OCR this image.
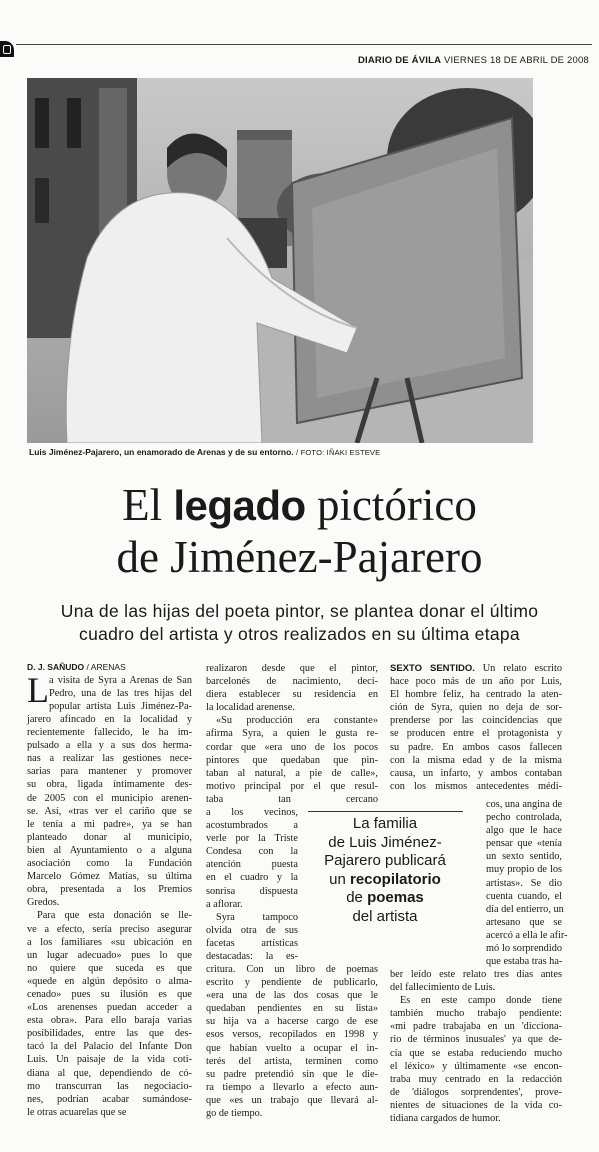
DIARIO DE ÁVILA VIERNES 18 DE ABRIL DE 2008
Luis Jiménez-Pajarero, un enamorado de Arenas y de su entorno. / FOTO: IÑAKI ESTEVE
El legado pictórico
de Jiménez-Pajarero
Una de las hijas del poeta pintor, se plantea donar el último
cuadro del artista y otros realizados en su última etapa
D. J. SAÑUDO / ARENAS
L a visita de Syra a Arenas de San
Pedro, una de las tres hijas del
popular artista Luis Jiménez-Pa-
jarero afincado en la localidad y
recientemente fallecido, le ha im-
pulsado a ella y a sus dos herma-
nas a realizar las gestiones nece-
sarias para mantener y promover
su obra, ligada íntimamente des-
de 2005 con el municipio arenen-
se. Así, «tras ver el cariño que se
le tenía a mi padre», ya se han
planteado donar al municipio,
bien al Ayuntamiento o a alguna
asociación como la Fundación
Marcelo Gómez Matías, su última
obra, presentada a los Premios
Gredos.
Para que esta donación se lle-
ve a efecto, sería preciso asegurar
a los familiares «su ubicación en
un lugar adecuado» pues lo que
no quiere que suceda es que
«quede en algún depósito o alma-
cenado» pues su ilusión es que
«Los arenenses puedan acceder a
esta obra». Para ello baraja varias
posibilidades, entre las que des-
tacó la del Palacio del Infante Don
Luis. Un paisaje de la vida coti-
diana al que, dependiendo de có-
mo transcurran las negociacio-
nes, podrían acabar sumándose-
le otras acuarelas que se
realizaron desde que el pintor,
barcelonés de nacimiento, deci-
diera establecer su residencia en
la localidad arenense.
«Su producción era constante»
afirma Syra, a quien le gusta re-
cordar que «era uno de los pocos
pintores que quedaban que pin-
taban al natural, a pie de calle»,
motivo principal por el que resul-
taba tan cercano
a los vecinos,
acostumbrados a
verle por la Triste
Condesa con la
atención puesta
en el cuadro y la
sonrisa dispuesta
a aflorar.
Syra tampoco
olvida otra de sus
facetas artísticas
destacadas: la es-
critura. Con un libro de poemas
escrito y pendiente de publicarlo,
«era una de las dos cosas que le
quedaban pendientes en su lista»
su hija va a hacerse cargo de ese
esos versos, recopilados en 1998 y
que habían vuelto a ocupar el in-
terés del artista, terminen como
su padre pretendió sin que le die-
ra tiempo a llevarlo a efecto aun-
que «es un trabajo que llevará al-
go de tiempo.
La familia
de Luis Jiménez-
Pajarero publicará
un recopilatorio
de poemas
del artista
SEXTO SENTIDO. Un relato escrito
hace poco más de un año por Luis,
El hombre feliz, ha centrado la aten-
ción de Syra, quien no deja de sor-
prenderse por las coincidencias que
se producen entre el protagonista y
su padre. En ambos casos fallecen
con la misma edad y de la misma
causa, un infarto, y ambos contaban
con los mismos antecedentes médi-
cos, una angina de
pecho controlada,
algo que le hace
pensar que «tenía
un sexto sentido,
muy propio de los
artistas». Se dio
cuenta cuando, el
día del entierro, un
artesano que se
acercó a ella le afir-
mó lo sorprendido
que estaba tras ha-
ber leído este relato tres días antes
del fallecimiento de Luis.
Es en este campo donde tiene
también mucho trabajo pendiente:
«mi padre trabajaba en un 'dicciona-
rio de términos inusuales' ya que de-
cía que se estaba reduciendo mucho
el léxico» y últimamente «se encon-
traba muy centrado en la redacción
de 'diálogos sorprendentes', prove-
nientes de situaciones de la vida co-
tidiana cargados de humor.
